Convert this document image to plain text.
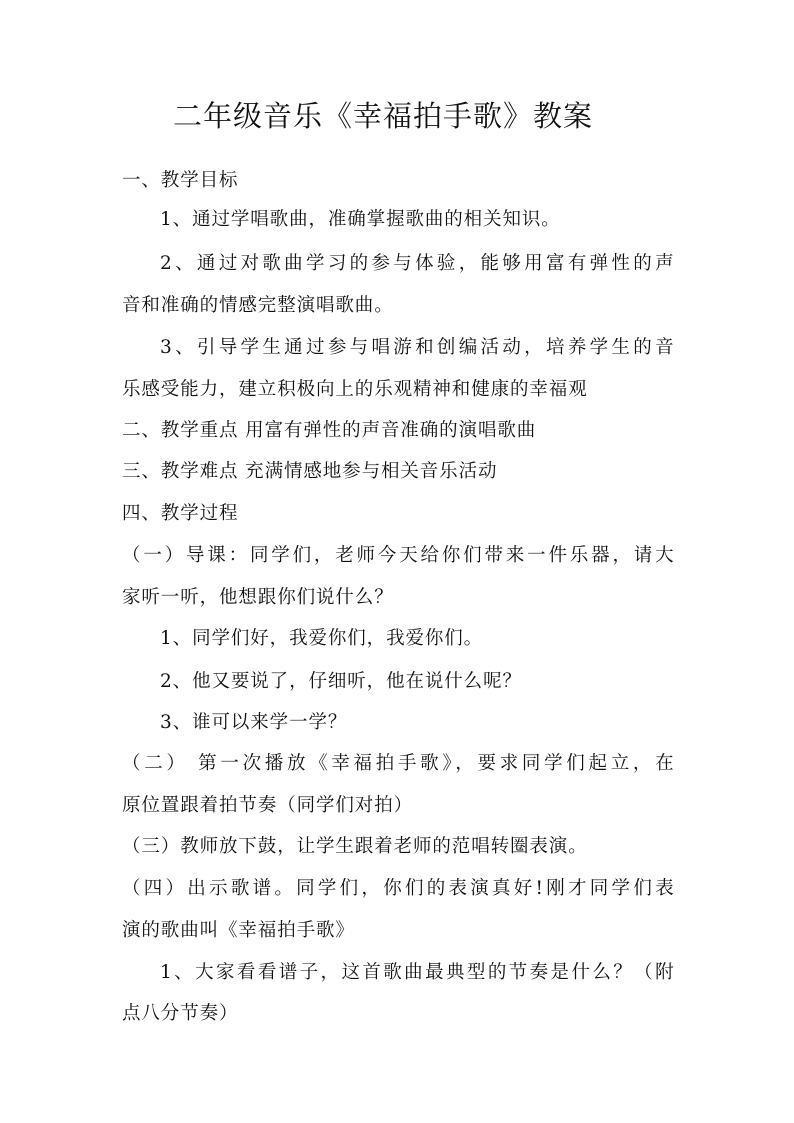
二年级音乐《幸福拍手歌》教案
一、教学目标
1、通过学唱歌曲，准确掌握歌曲的相关知识。
2、通过对歌曲学习的参与体验，能够用富有弹性的声
音和准确的情感完整演唱歌曲。
3、引导学生通过参与唱游和创编活动，培养学生的音
乐感受能力，建立积极向上的乐观精神和健康的幸福观
二、教学重点 用富有弹性的声音准确的演唱歌曲
三、教学难点 充满情感地参与相关音乐活动
四、教学过程
（一）导课：同学们，老师今天给你们带来一件乐器，请大
家听一听，他想跟你们说什么？
1、同学们好，我爱你们，我爱你们。
2、他又要说了，仔细听，他在说什么呢？
3、谁可以来学一学？
（二） 第一次播放《幸福拍手歌》，要求同学们起立，在
原位置跟着拍节奏（同学们对拍）
（三）教师放下鼓，让学生跟着老师的范唱转圈表演。
（四）出示歌谱。同学们，你们的表演真好!刚才同学们表
演的歌曲叫《幸福拍手歌》
1、大家看看谱子，这首歌曲最典型的节奏是什么？（附
点八分节奏）
